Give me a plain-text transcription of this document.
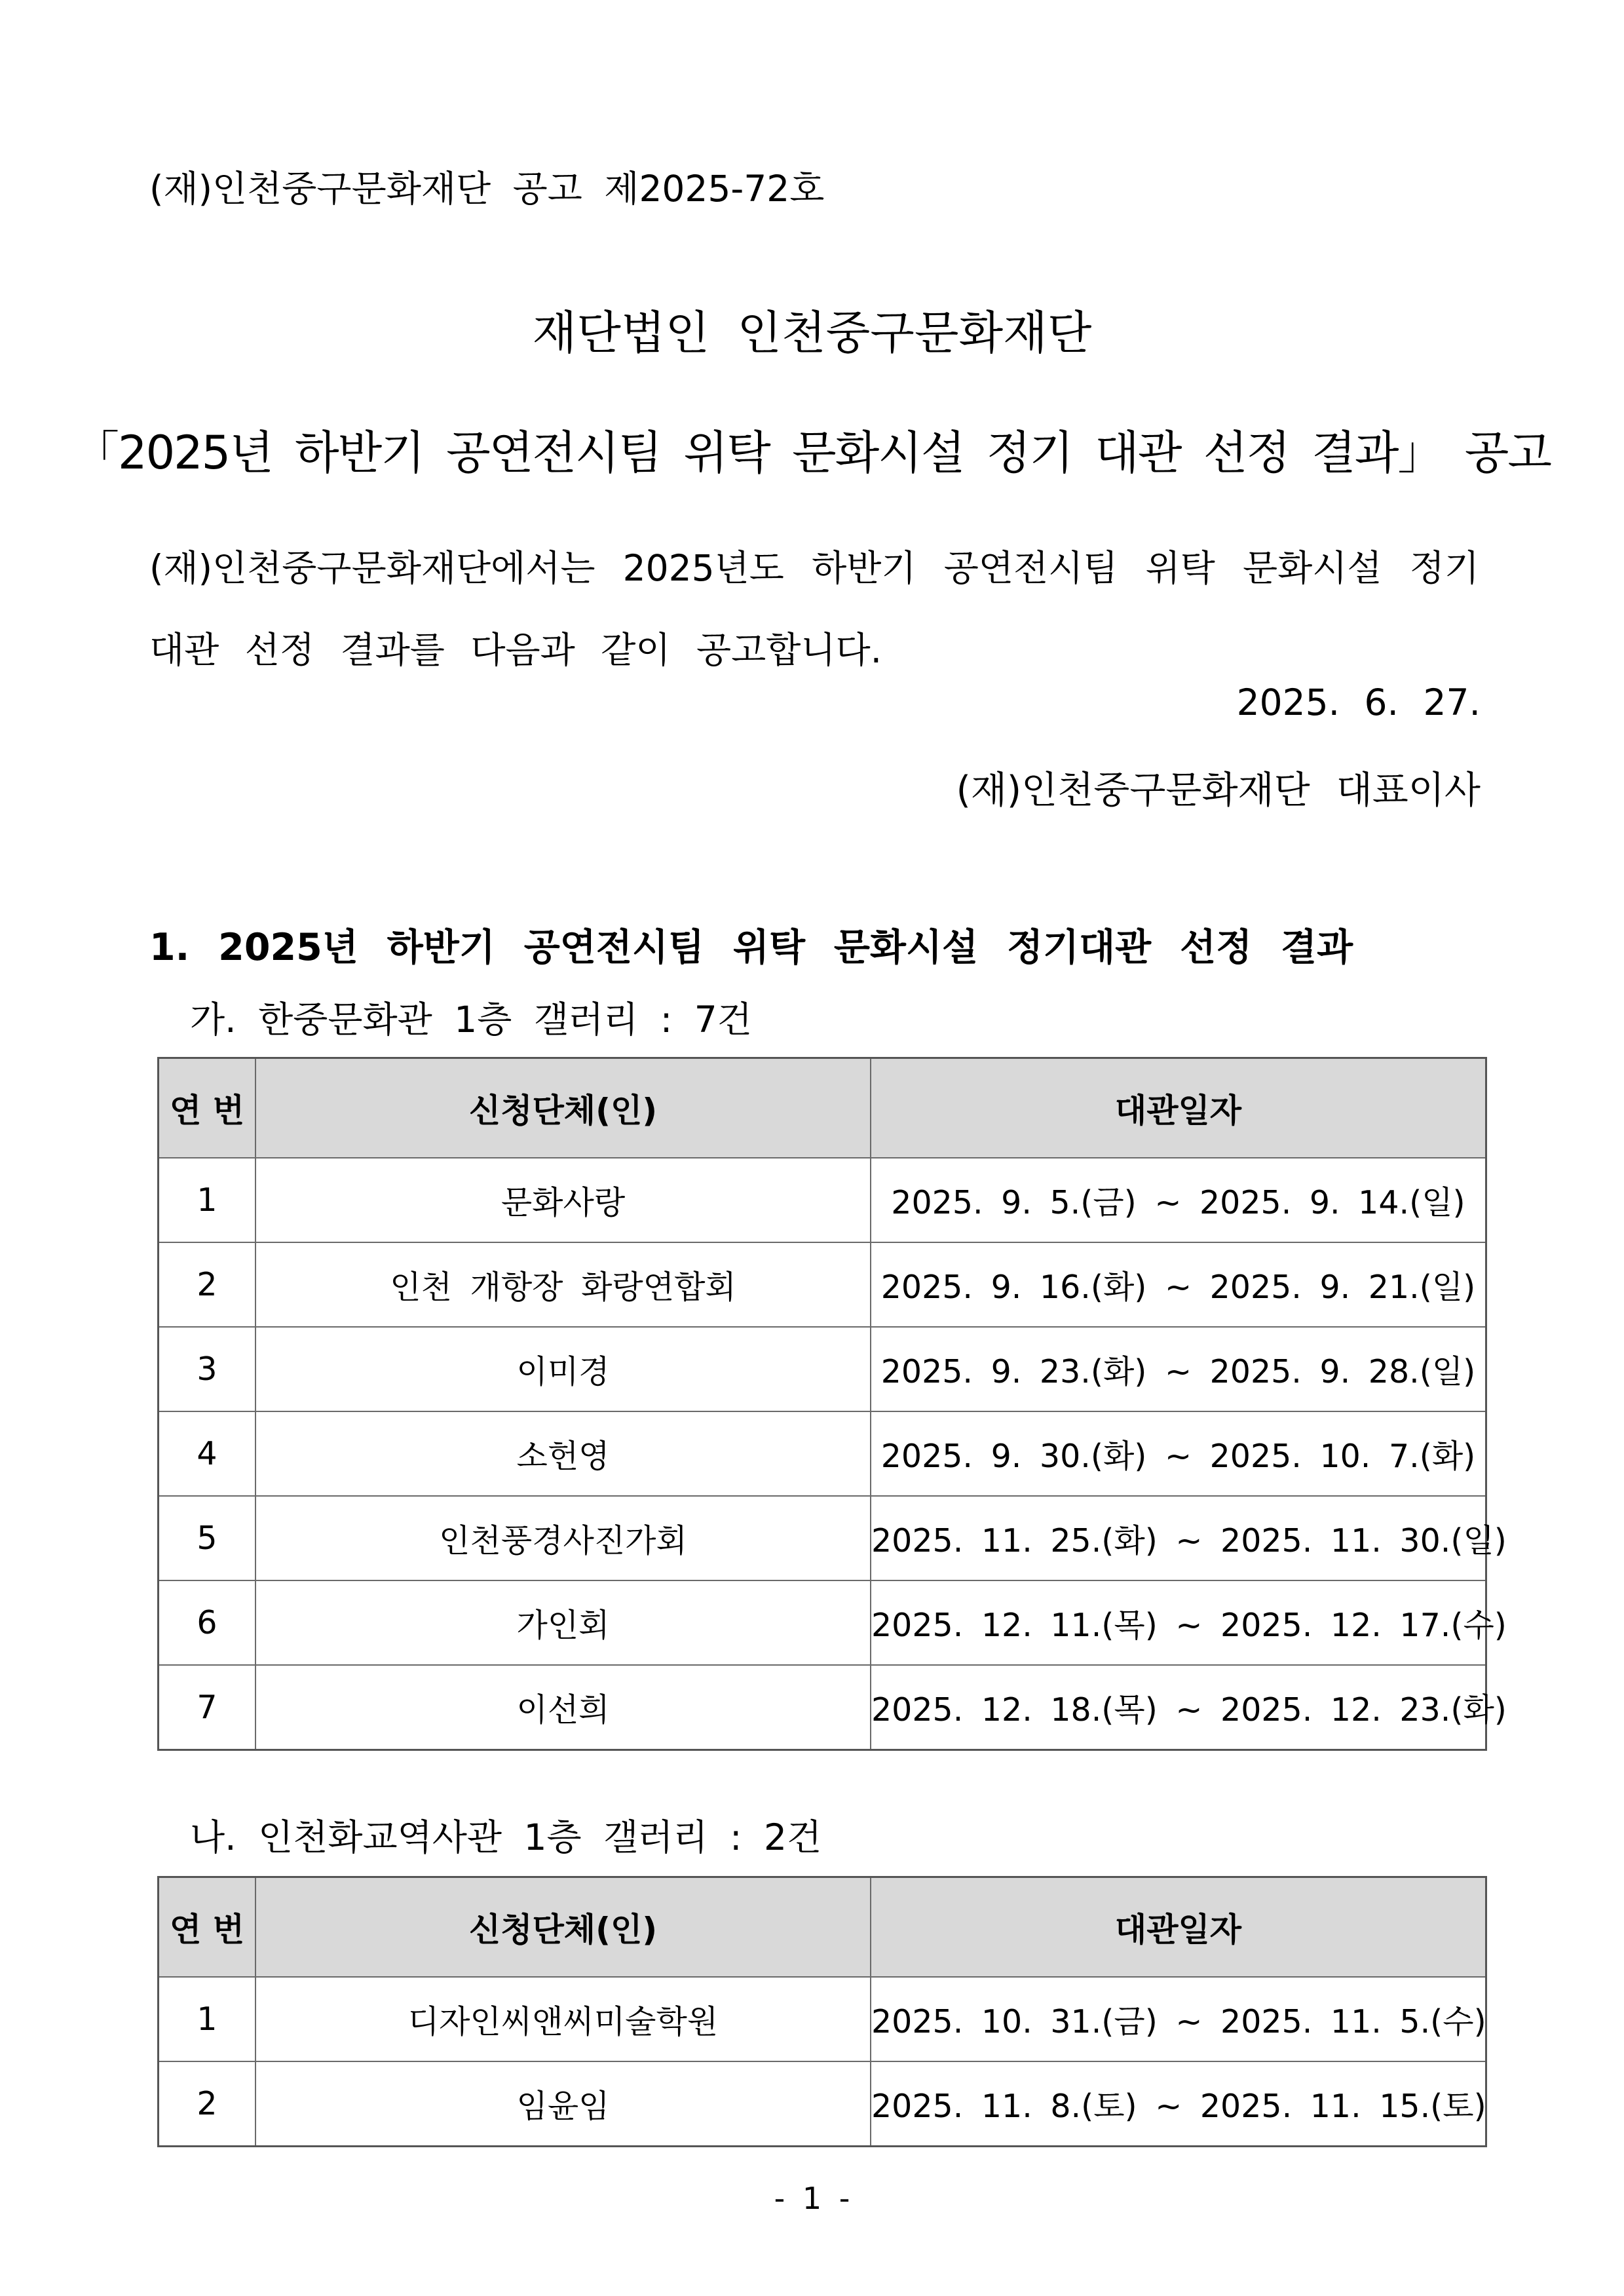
(재)인천중구문화재단 공고 제2025-72호

재단법인 인천중구문화재단
「2025년 하반기 공연전시팀 위탁 문화시설 정기 대관 선정 결과」 공고

(재)인천중구문화재단에서는 2025년도 하반기 공연전시팀 위탁 문화시설 정기대관 선정 결과를 다음과 같이 공고합니다.

2025. 6. 27.

(재)인천중구문화재단 대표이사

1. 2025년 하반기 공연전시팀 위탁 문화시설 정기대관 선정 결과

가. 한중문화관 1층 갤러리 : 7건

연 번	신청단체(인)	대관일자
1	문화사랑	2025. 9. 5.(금) ~ 2025. 9. 14.(일)
2	인천 개항장 화랑연합회	2025. 9. 16.(화) ~ 2025. 9. 21.(일)
3	이미경	2025. 9. 23.(화) ~ 2025. 9. 28.(일)
4	소헌영	2025. 9. 30.(화) ~ 2025. 10. 7.(화)
5	인천풍경사진가회	2025. 11. 25.(화) ~ 2025. 11. 30.(일)
6	가인회	2025. 12. 11.(목) ~ 2025. 12. 17.(수)
7	이선희	2025. 12. 18.(목) ~ 2025. 12. 23.(화)

나. 인천화교역사관 1층 갤러리 : 2건

연 번	신청단체(인)	대관일자
1	디자인씨앤씨미술학원	2025. 10. 31.(금) ~ 2025. 11. 5.(수)
2	임윤임	2025. 11. 8.(토) ~ 2025. 11. 15.(토)

- 1 -
